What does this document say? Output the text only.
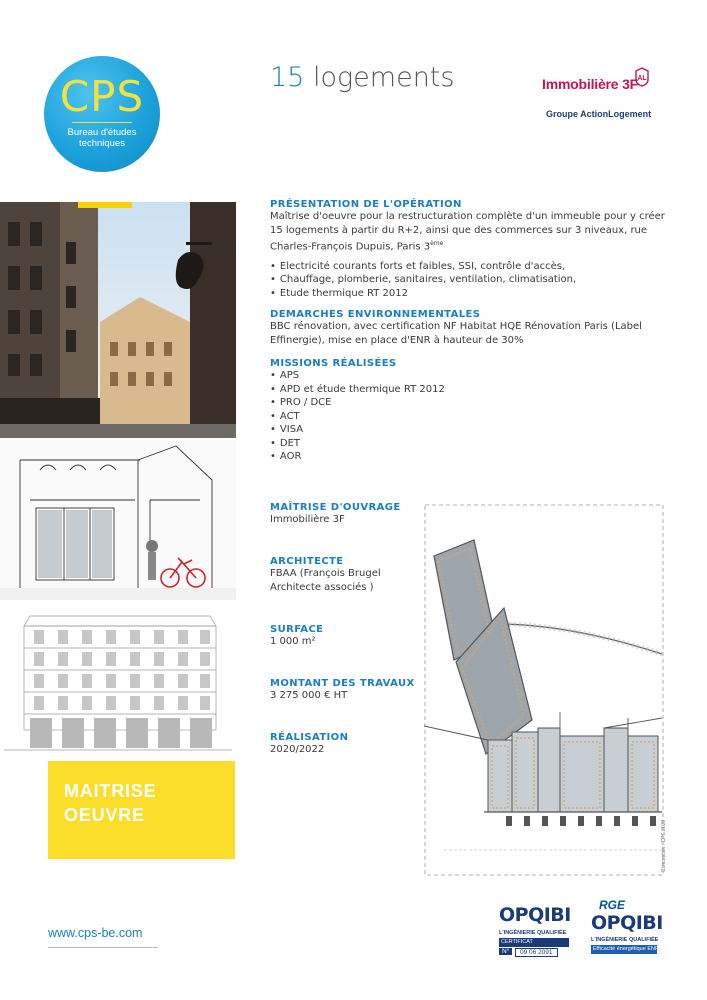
CPS
Bureau d'études
techniques
15 logements	Immobilière 3F AL
Groupe ActionLogement
MAITRISE
OEUVRE
www.cps-be.com
PRÉSENTATION DE L'OPÉRATION
Maîtrise d'oeuvre pour la restructuration complète d'un immeuble pour y créer 15 logements à partir du R+2, ainsi que des commerces sur 3 niveaux, rue Charles-François Dupuis, Paris 3ème
• Electricité courants forts et faibles, SSI, contrôle d'accès,
• Chauffage, plomberie, sanitaires, ventilation, climatisation,
• Etude thermique RT 2012
DEMARCHES ENVIRONNEMENTALES
BBC rénovation, avec certification NF Habitat HQE Rénovation Paris (Label Effinergie), mise en place d'ENR à hauteur de 30%
MISSIONS RÉALISÉES
• APS
• APD et étude thermique RT 2012
• PRO / DCE
• ACT
• VISA
• DET
• AOR
MAÎTRISE D'OUVRAGE
Immobilière 3F
ARCHITECTE
FBAA (François Brugel
Architecte associés )
SURFACE
1 000 m²
MONTANT DES TRAVAUX
3 275 000 € HT
RÉALISATION
2020/2022
Conception : CPS 2020
OPQIBI
L'INGÉNIERIE QUALIFIÉE
CERTIFICAT
N°	09 06 2091
RGE
OPQIBI
L'INGÉNIERIE QUALIFIÉE
Efficacité énergétique ENR
